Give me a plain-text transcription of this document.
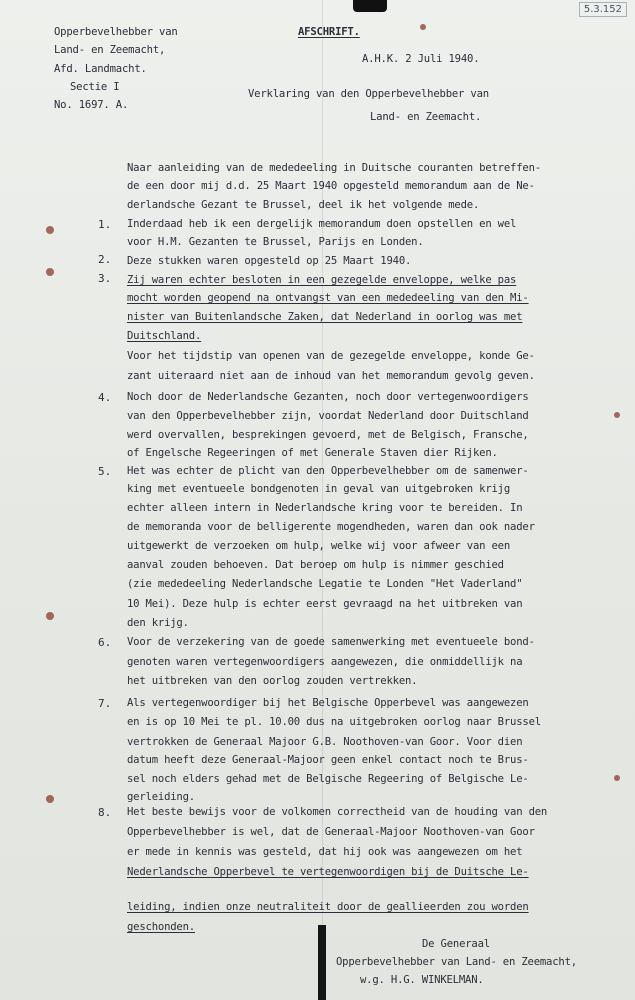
5.3.152
Opperbevelhebber van
Land- en Zeemacht,
Afd. Landmacht.
Sectie I
No. 1697. A.
AFSCHRIFT.
A.H.K. 2 Juli 1940.
Verklaring van den Opperbevelhebber van
Land- en Zeemacht.
Naar aanleiding van de mededeeling in Duitsche couranten betreffen-
de een door mij d.d. 25 Maart 1940 opgesteld memorandum aan de Ne-
derlandsche Gezant te Brussel, deel ik het volgende mede.
1.
2.
3.
4.
5.
6.
7.
8.
Inderdaad heb ik een dergelijk memorandum doen opstellen en wel
voor H.M. Gezanten te Brussel, Parijs en Londen.
Deze stukken waren opgesteld op 25 Maart 1940.
Zij waren echter besloten in een gezegelde enveloppe, welke pas
mocht worden geopend na ontvangst van een mededeeling van den Mi-
nister van Buitenlandsche Zaken, dat Nederland in oorlog was met
Duitschland.
Voor het tijdstip van openen van de gezegelde enveloppe, konde Ge-
zant uiteraard niet aan de inhoud van het memorandum gevolg geven.
Noch door de Nederlandsche Gezanten, noch door vertegenwoordigers
van den Opperbevelhebber zijn, voordat Nederland door Duitschland
werd overvallen, besprekingen gevoerd, met de Belgisch, Fransche,
of Engelsche Regeeringen of met Generale Staven dier Rijken.
Het was echter de plicht van den Opperbevelhebber om de samenwer-
king met eventueele bondgenoten in geval van uitgebroken krijg
echter alleen intern in Nederlandsche kring voor te bereiden. In
de memoranda voor de belligerente mogendheden, waren dan ook nader
uitgewerkt de verzoeken om hulp, welke wij voor afweer van een
aanval zouden behoeven. Dat beroep om hulp is nimmer geschied
(zie mededeeling Nederlandsche Legatie te Londen "Het Vaderland"
10 Mei). Deze hulp is echter eerst gevraagd na het uitbreken van
den krijg.
Voor de verzekering van de goede samenwerking met eventueele bond-
genoten waren vertegenwoordigers aangewezen, die onmiddellijk na
het uitbreken van den oorlog zouden vertrekken.
Als vertegenwoordiger bij het Belgische Opperbevel was aangewezen
en is op 10 Mei te pl. 10.00 dus na uitgebroken oorlog naar Brussel
vertrokken de Generaal Majoor G.B. Noothoven-van Goor. Voor dien
datum heeft deze Generaal-Majoor geen enkel contact noch te Brus-
sel noch elders gehad met de Belgische Regeering of Belgische Le-
gerleiding.
Het beste bewijs voor de volkomen correctheid van de houding van den
Opperbevelhebber is wel, dat de Generaal-Majoor Noothoven-van Goor
er mede in kennis was gesteld, dat hij ook was aangewezen om het
Nederlandsche Opperbevel te vertegenwoordigen bij de Duitsche Le-
leiding, indien onze neutraliteit door de geallieerden zou worden
geschonden.
De Generaal
Opperbevelhebber van Land- en Zeemacht,
w.g. H.G. WINKELMAN.
